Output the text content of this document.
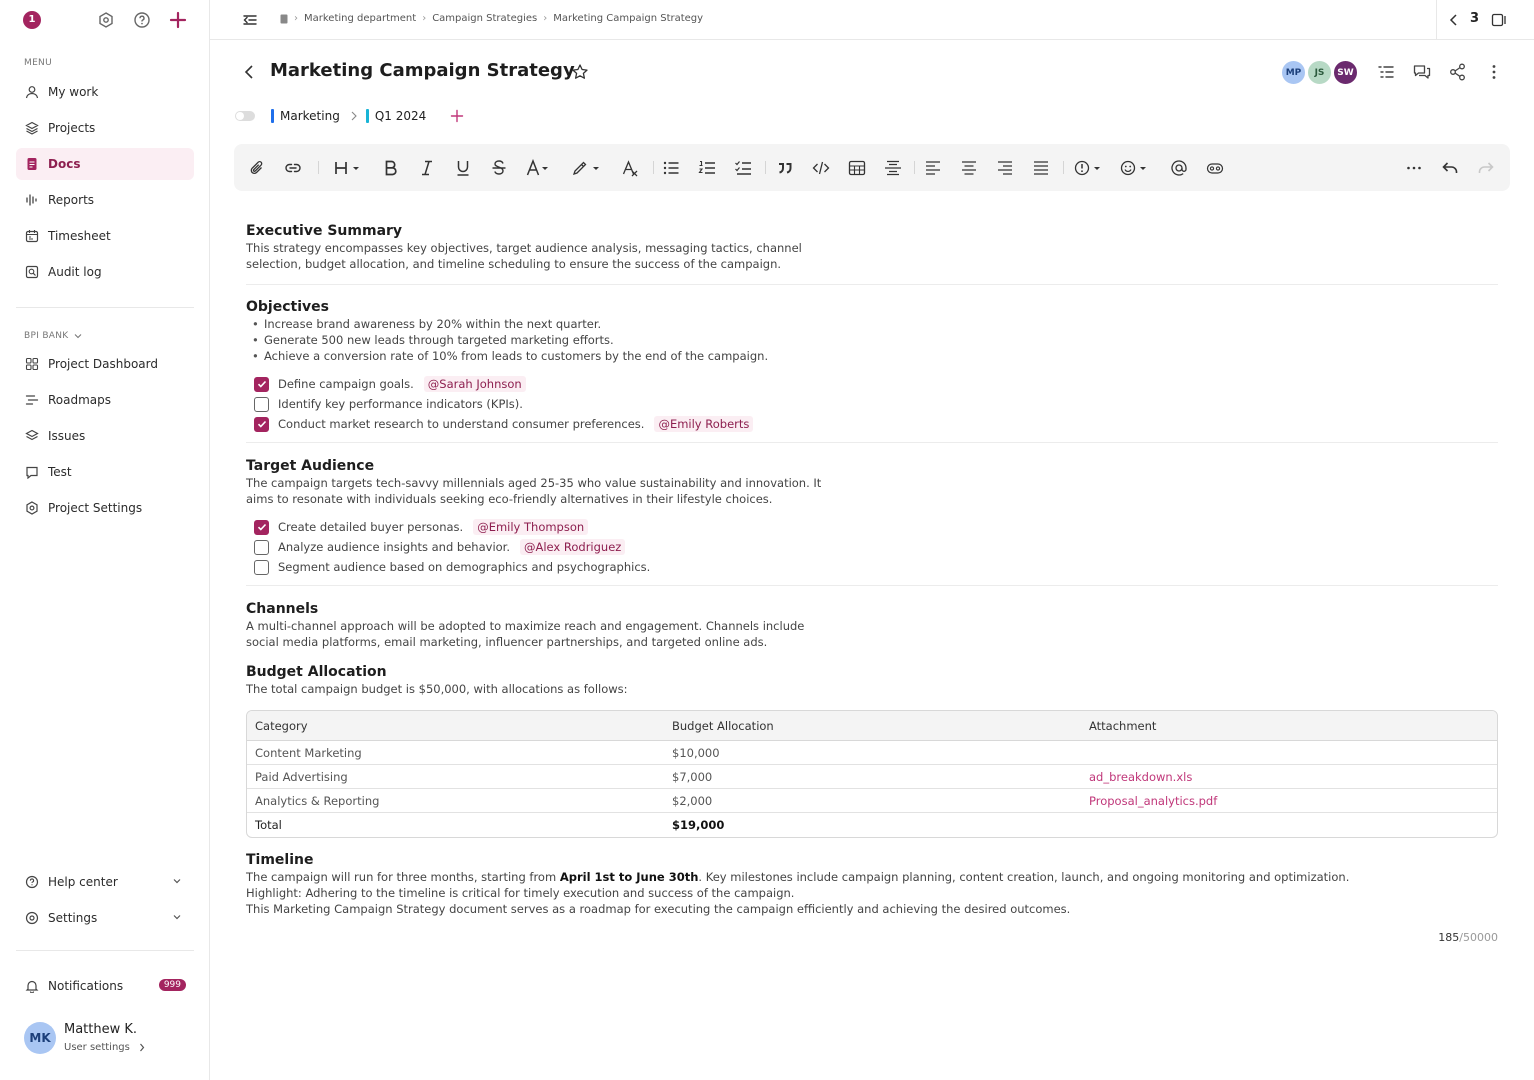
1
MENU
My work
Projects
Docs
Reports
Timesheet
Audit log
BPI BANK
Project Dashboard
Roadmaps
Issues
Test
Project Settings
Help center
Settings
Notifications	999
MK
Matthew K.
User settings
› Marketing department › Campaign Strategies › Marketing Campaign Strategy	3
Marketing Campaign Strategy	MP	JS	SW
Marketing	Q1 2024
Executive Summary

This strategy encompasses key objectives, target audience analysis, messaging tactics, channel

selection, budget allocation, and timeline scheduling to ensure the success of the campaign.

Objectives
• Increase brand awareness by 20% within the next quarter.
• Generate 500 new leads through targeted marketing efforts.
• Achieve a conversion rate of 10% from leads to customers by the end of the campaign.
Define campaign goals.	@Sarah Johnson
Identify key performance indicators (KPIs).
Conduct market research to understand consumer preferences.	@Emily Roberts
Target Audience

The campaign targets tech-savvy millennials aged 25-35 who value sustainability and innovation. It

aims to resonate with individuals seeking eco-friendly alternatives in their lifestyle choices.

Create detailed buyer personas.	@Emily Thompson
Analyze audience insights and behavior.	@Alex Rodriguez
Segment audience based on demographics and psychographics.
Channels

A multi-channel approach will be adopted to maximize reach and engagement. Channels include

social media platforms, email marketing, influencer partnerships, and targeted online ads.

Budget Allocation

The total campaign budget is $50,000, with allocations as follows:

Category	Budget Allocation	Attachment
Content Marketing	$10,000	
Paid Advertising	$7,000	ad_breakdown.xls
Analytics & Reporting	$2,000	Proposal_analytics.pdf
Total	$19,000	
Timeline

The campaign will run for three months, starting from April 1st to June 30th. Key milestones include campaign planning, content creation, launch, and ongoing monitoring and optimization.

Highlight: Adhering to the timeline is critical for timely execution and success of the campaign.

This Marketing Campaign Strategy document serves as a roadmap for executing the campaign efficiently and achieving the desired outcomes.

185/50000
